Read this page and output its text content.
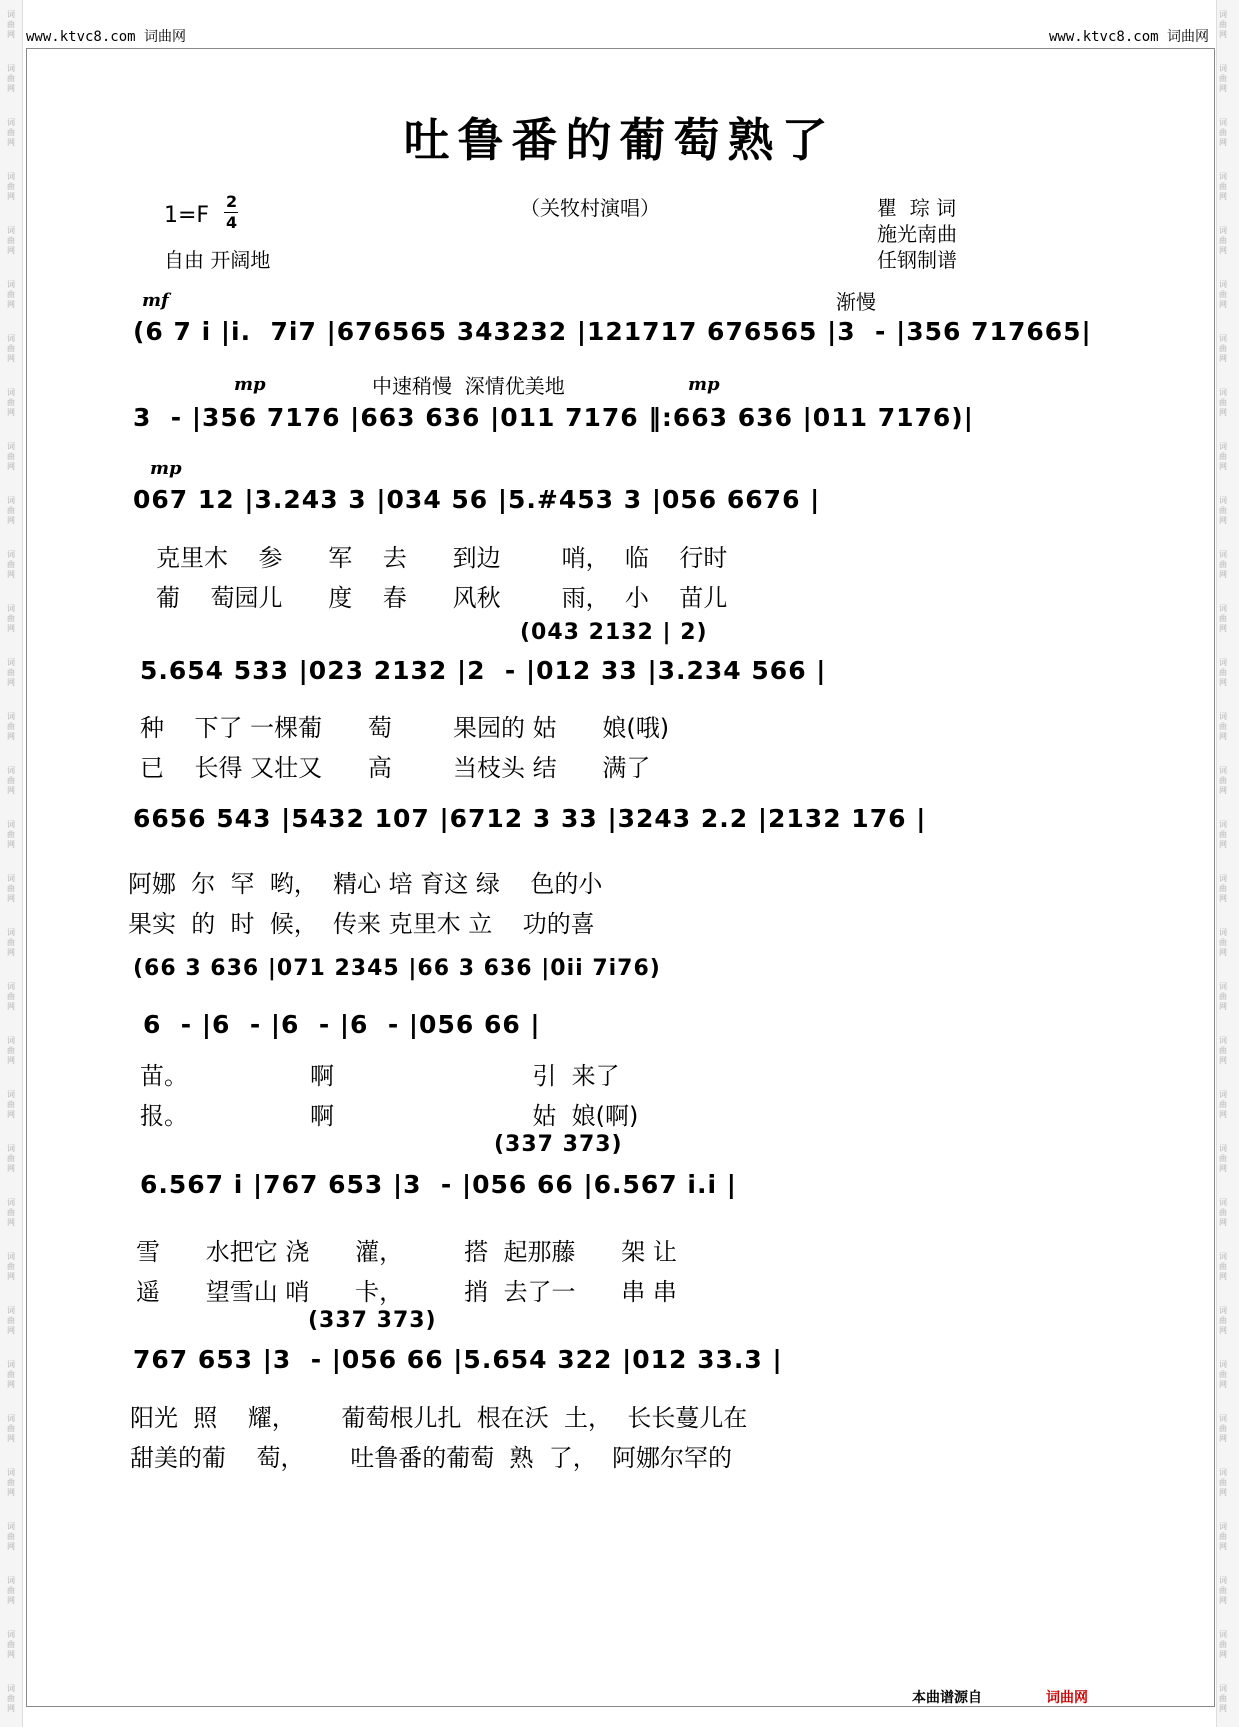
词 曲 网
词 曲 网
词 曲 网
词 曲 网
词 曲 网
词 曲 网
词 曲 网
词 曲 网
词 曲 网
词 曲 网
词 曲 网
词 曲 网
词 曲 网
词 曲 网
词 曲 网
词 曲 网
词 曲 网
词 曲 网
词 曲 网
词 曲 网
词 曲 网
词 曲 网
词 曲 网
词 曲 网
词 曲 网
词 曲 网
词 曲 网
词 曲 网
词 曲 网
词 曲 网
词 曲 网
词 曲 网
词 曲 网
词 曲 网
词 曲 网
词 曲 网
词 曲 网
词 曲 网
词 曲 网
词 曲 网
词 曲 网
词 曲 网
词 曲 网
词 曲 网
词 曲 网
词 曲 网
词 曲 网
词 曲 网
词 曲 网
词 曲 网
词 曲 网
词 曲 网
词 曲 网
词 曲 网
词 曲 网
词 曲 网
词 曲 网
词 曲 网
词 曲 网
词 曲 网
词 曲 网
词 曲 网
词 曲 网
词 曲 网
www.ktvc8.com 词曲网	www.ktvc8.com 词曲网
吐鲁番的葡萄熟了
（关牧村演唱）
1=F
2
4
自由 开阔地
瞿  琮 词
施光南曲
任钢制谱
mf	渐慢
mp	中速稍慢  深情优美地	mp
mp
(6 7 i |i.  7i7 |676565 343232 |121717 676565 |3  - |356 717665|
3  - |356 7176 |663 636 |011 7176 ‖:663 636 |011 7176)|
067 12 |3.243 3 |034 56 |5.#453 3 |056 6676 |
克里木    参      军    去      到边        哨，  临    行时
葡    萄园儿      度    春      风秋        雨，  小    苗儿
(043 2132 | 2)
5.654 533 |023 2132 |2  - |012 33 |3.234 566 |
种    下了 一棵葡      萄        果园的 姑      娘(哦)
已    长得 又壮又      高        当枝头 结      满了
6656 543 |5432 107 |6712 3 33 |3243 2.2 |2132 176 |
阿娜  尔  罕  哟，  精心 培 育这 绿    色的小
果实  的  时  候，  传来 克里木 立    功的喜
(66 3 636 |071 2345 |66 3 636 |0ii 7i76)
6  - |6  - |6  - |6  - |056 66 |
苗。                啊                          引  来了
报。                啊                          姑  娘(啊)
(337 373)
6.567 i |767 653 |3  - |056 66 |6.567 i.i |
雪      水把它 浇      灌，        搭  起那藤      架 让
遥      望雪山 哨      卡，        捎  去了一      串 串
(337 373)
767 653 |3  - |056 66 |5.654 322 |012 33.3 |
阳光  照    耀，      葡萄根儿扎  根在沃  土，  长长蔓儿在
甜美的葡    萄，      吐鲁番的葡萄  熟  了，  阿娜尔罕的
本曲谱源自	词曲网
